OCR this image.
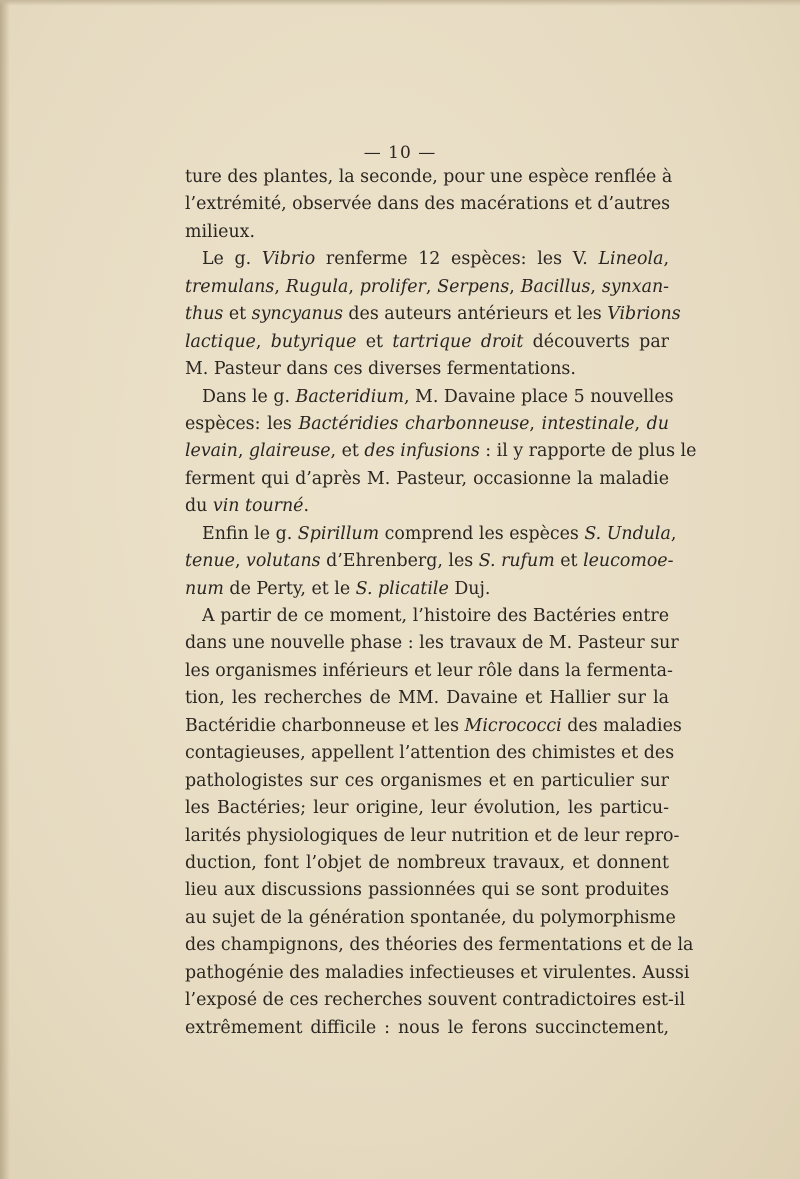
— 10 —
ture des plantes, la seconde, pour une espèce renflée à
l’extrémité, observée dans des macérations et d’autres
milieux.
Le g. Vibrio renferme 12 espèces: les V. Lineola,
tremulans, Rugula, prolifer, Serpens, Bacillus, synxan-
thus et syncyanus des auteurs antérieurs et les Vibrions
lactique, butyrique et tartrique droit découverts par
M. Pasteur dans ces diverses fermentations.
Dans le g. Bacteridium, M. Davaine place 5 nouvelles
espèces: les Bactéridies charbonneuse, intestinale, du
levain, glaireuse, et des infusions : il y rapporte de plus le
ferment qui d’après M. Pasteur, occasionne la maladie
du vin tourné.
Enfin le g. Spirillum comprend les espèces S. Undula,
tenue, volutans d’Ehrenberg, les S. rufum et leucomoe-
num de Perty, et le S. plicatile Duj.
A partir de ce moment, l’histoire des Bactéries entre
dans une nouvelle phase : les travaux de M. Pasteur sur
les organismes inférieurs et leur rôle dans la fermenta-
tion, les recherches de MM. Davaine et Hallier sur la
Bactéridie charbonneuse et les Micrococci des maladies
contagieuses, appellent l’attention des chimistes et des
pathologistes sur ces organismes et en particulier sur
les Bactéries; leur origine, leur évolution, les particu-
larités physiologiques de leur nutrition et de leur repro-
duction, font l’objet de nombreux travaux, et donnent
lieu aux discussions passionnées qui se sont produites
au sujet de la génération spontanée, du polymorphisme
des champignons, des théories des fermentations et de la
pathogénie des maladies infectieuses et virulentes. Aussi
l’exposé de ces recherches souvent contradictoires est-il
extrêmement difficile : nous le ferons succinctement,
